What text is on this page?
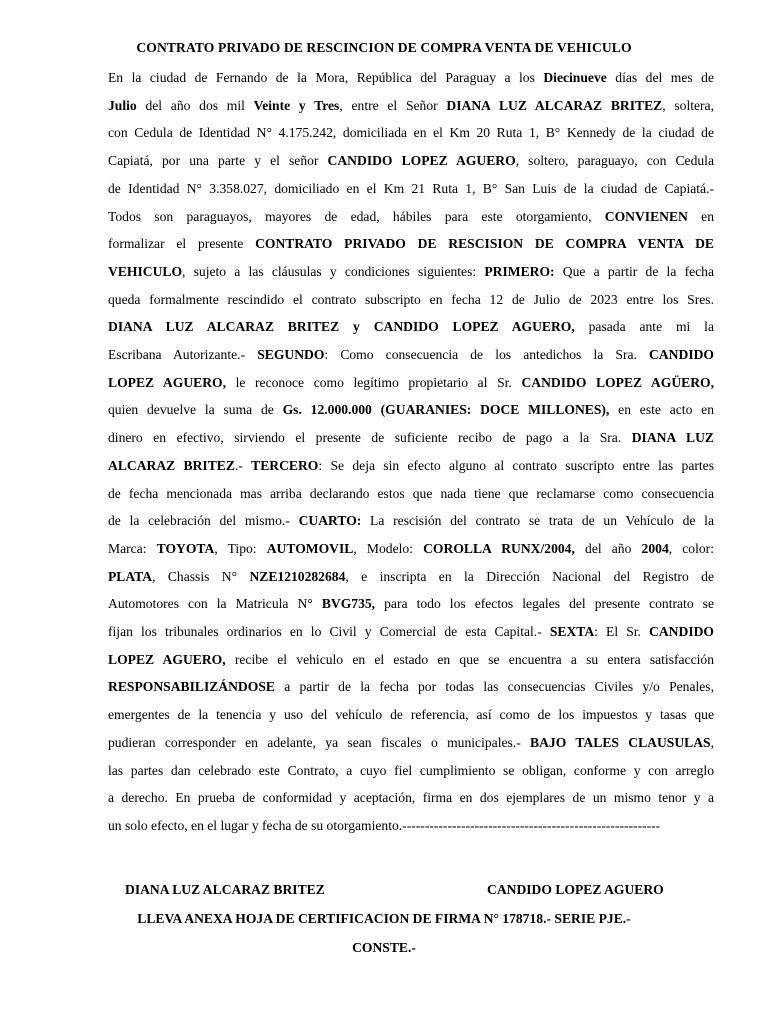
CONTRATO PRIVADO DE RESCINCION DE COMPRA VENTA DE VEHICULO

En la ciudad de Fernando de la Mora, República del Paraguay a los Diecinueve días del mes de
Julio del año dos mil Veinte y Tres, entre el Señor DIANA LUZ ALCARAZ BRITEZ, soltera,
con Cedula de Identidad N° 4.175.242, domiciliada en el Km 20 Ruta 1, B° Kennedy de la ciudad de
Capiatá, por una parte y el señor CANDIDO LOPEZ AGUERO, soltero, paraguayo, con Cedula
de Identidad N° 3.358.027, domiciliado en el Km 21 Ruta 1, B° San Luis de la ciudad de Capiatá.-
Todos son paraguayos, mayores de edad, hábiles para este otorgamiento, CONVIENEN en
formalizar el presente CONTRATO PRIVADO DE RESCISION DE COMPRA VENTA DE
VEHICULO, sujeto a las cláusulas y condiciones siguientes: PRIMERO: Que a partir de la fecha
queda formalmente rescindido el contrato subscripto en fecha 12 de Julio de 2023 entre los Sres.
DIANA LUZ ALCARAZ BRITEZ y CANDIDO LOPEZ AGUERO, pasada ante mi la
Escribana Autorizante.- SEGUNDO: Como consecuencia de los antedichos la Sra. CANDIDO
LOPEZ AGUERO, le reconoce como legítimo propietario al Sr. CANDIDO LOPEZ AGÜERO,
quien devuelve la suma de Gs. 12.000.000 (GUARANIES: DOCE MILLONES), en este acto en
dinero en efectivo, sirviendo el presente de suficiente recibo de pago a la Sra. DIANA LUZ
ALCARAZ BRITEZ.- TERCERO: Se deja sin efecto alguno al contrato suscripto entre las partes
de fecha mencionada mas arriba declarando estos que nada tiene que reclamarse como consecuencia
de la celebración del mismo.- CUARTO: La rescisión del contrato se trata de un Vehículo de la
Marca: TOYOTA, Tipo: AUTOMOVIL, Modelo: COROLLA RUNX/2004, del año 2004, color:
PLATA, Chassis N° NZE1210282684, e inscripta en la Dirección Nacional del Registro de
Automotores con la Matricula N° BVG735, para todo los efectos legales del presente contrato se
fijan los tribunales ordinarios en lo Civil y Comercial de esta Capital.- SEXTA: El Sr. CANDIDO
LOPEZ AGUERO, recibe el vehiculo en el estado en que se encuentra a su entera satisfacción
RESPONSABILIZÁNDOSE a partir de la fecha por todas las consecuencias Civiles y/o Penales,
emergentes de la tenencia y uso del vehículo de referencia, así como de los impuestos y tasas que
pudieran corresponder en adelante, ya sean fiscales o municipales.- BAJO TALES CLAUSULAS,
las partes dan celebrado este Contrato, a cuyo fiel cumplimiento se obligan, conforme y con arreglo
a derecho. En prueba de conformidad y aceptación, firma en dos ejemplares de un mismo tenor y a
un solo efecto, en el lugar y fecha de su otorgamiento.---------------------------------------------------------

DIANA LUZ ALCARAZ BRITEZ	CANDIDO LOPEZ AGUERO
LLEVA ANEXA HOJA DE CERTIFICACION DE FIRMA N° 178718.- SERIE PJE.-
CONSTE.-
